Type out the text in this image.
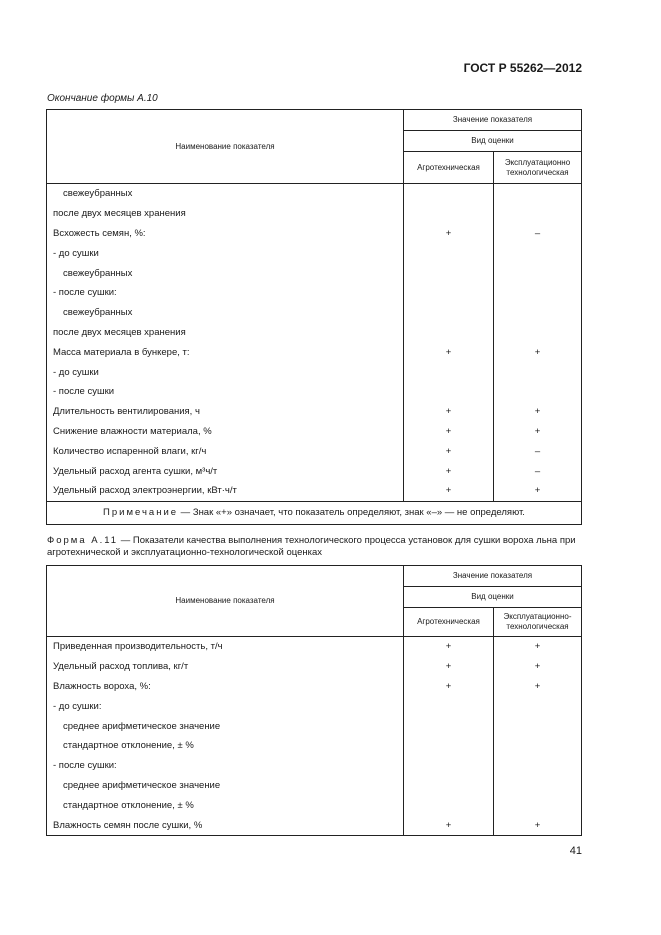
ГОСТ Р 55262—2012
Окончание формы А.10
Наименование показателя	Значение показателя	
	Вид оценки	
	Агротехническая	Эксплуатационно технологическая
свежеубранных		
после двух месяцев хранения		
Всхожесть семян, %:	+	–
- до сушки		
свежеубранных		
- после сушки:		
свежеубранных		
после двух месяцев хранения		
Масса материала в бункере, т:	+	+
- до сушки		
- после сушки		
Длительность вентилирования, ч	+	+
Снижение влажности материала, %	+	+
Количество испаренной влаги, кг/ч	+	–
Удельный расход агента сушки, м³ч/т	+	–
Удельный расход электроэнергии, кВт·ч/т	+	+
Примечание — Знак «+» означает, что показатель определяют, знак «–» — не определяют.		
Форма А.11 — Показатели качества выполнения технологического процесса установок для сушки вороха льна при агротехнической и эксплуатационно-технологической оценках
Наименование показателя	Значение показателя	
	Вид оценки	
	Агротехническая	Эксплуатационно-технологическая
Приведенная производительность, т/ч	+	+
Удельный расход топлива, кг/т	+	+
Влажность вороха, %:	+	+
- до сушки:		
среднее арифметическое значение		
стандартное отклонение, ± %		
- после сушки:		
среднее арифметическое значение		
стандартное отклонение, ± %		
Влажность семян после сушки, %	+	+
41
